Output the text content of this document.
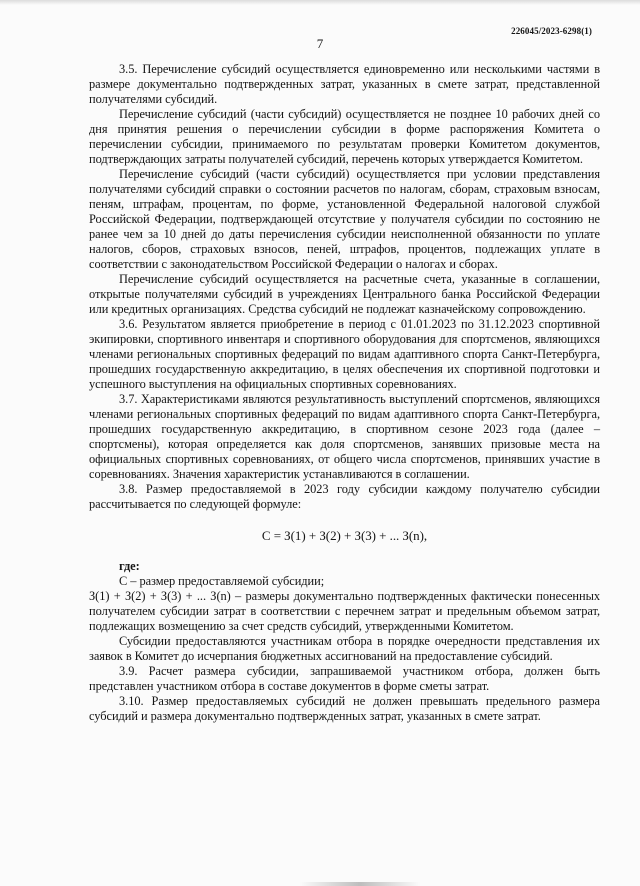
226045/2023-6298(1)
7

3.5. Перечисление субсидий осуществляется единовременно или несколькими частями в размере документально подтвержденных затрат, указанных в смете затрат, представленной получателями субсидий.

Перечисление субсидий (части субсидий) осуществляется не позднее 10 рабочих дней со дня принятия решения о перечислении субсидии в форме распоряжения Комитета о перечислении субсидии, принимаемого по результатам проверки Комитетом документов, подтверждающих затраты получателей субсидий, перечень которых утверждается Комитетом.

Перечисление субсидий (части субсидий) осуществляется при условии представления получателями субсидий справки о состоянии расчетов по налогам, сборам, страховым взносам, пеням, штрафам, процентам, по форме, установленной Федеральной налоговой службой Российской Федерации, подтверждающей отсутствие у получателя субсидии по состоянию не ранее чем за 10 дней до даты перечисления субсидии неисполненной обязанности по уплате налогов, сборов, страховых взносов, пеней, штрафов, процентов, подлежащих уплате в соответствии с законодательством Российской Федерации о налогах и сборах.

Перечисление субсидий осуществляется на расчетные счета, указанные в соглашении, открытые получателями субсидий в учреждениях Центрального банка Российской Федерации или кредитных организациях. Средства субсидий не подлежат казначейскому сопровождению.

3.6. Результатом является приобретение в период с 01.01.2023 по 31.12.2023 спортивной экипировки, спортивного инвентаря и спортивного оборудования для спортсменов, являющихся членами региональных спортивных федераций по видам адаптивного спорта Санкт-Петербурга, прошедших государственную аккредитацию, в целях обеспечения их спортивной подготовки и успешного выступления на официальных спортивных соревнованиях.

3.7. Характеристиками являются результативность выступлений спортсменов, являющихся членами региональных спортивных федераций по видам адаптивного спорта Санкт-Петербурга, прошедших государственную аккредитацию, в спортивном сезоне 2023 года (далее – спортсмены), которая определяется как доля спортсменов, занявших призовые места на официальных спортивных соревнованиях, от общего числа спортсменов, принявших участие в соревнованиях. Значения характеристик устанавливаются в соглашении.

3.8. Размер предоставляемой в 2023 году субсидии каждому получателю субсидии рассчитывается по следующей формуле:

С = З(1) + З(2) + З(3) + ... З(n),

где:

С – размер предоставляемой субсидии;

З(1) + З(2) + З(3) + ... З(n) – размеры документально подтвержденных фактически понесенных получателем субсидии затрат в соответствии с перечнем затрат и предельным объемом затрат, подлежащих возмещению за счет средств субсидий, утвержденными Комитетом.

Субсидии предоставляются участникам отбора в порядке очередности представления их заявок в Комитет до исчерпания бюджетных ассигнований на предоставление субсидий.

3.9. Расчет размера субсидии, запрашиваемой участником отбора, должен быть представлен участником отбора в составе документов в форме сметы затрат.

3.10. Размер предоставляемых субсидий не должен превышать предельного размера субсидий и размера документально подтвержденных затрат, указанных в смете затрат.
